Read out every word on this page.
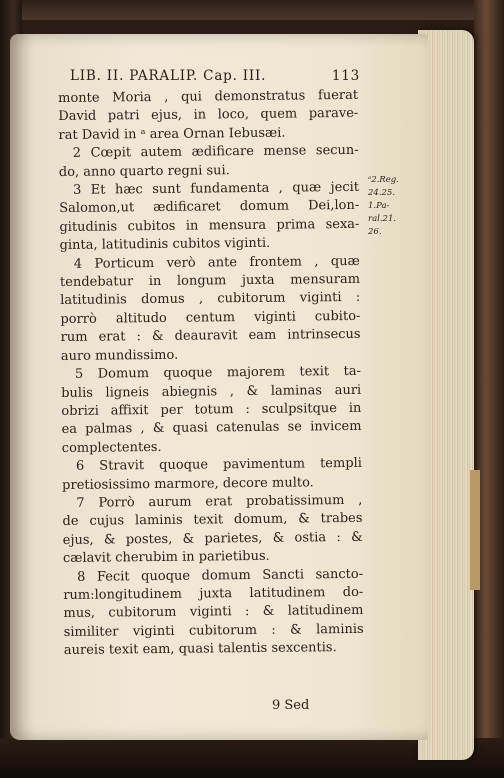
LIB. II. PARALIP. Cap. III.	113
monte Moria , qui demonstratus fuerat
David patri ejus, in loco, quem parave-
rat David in ᵃ area Ornan Iebusæi.
2 Cœpit autem ædificare mense secun-
do, anno quarto regni sui.
3 Et hæc sunt fundamenta , quæ jecit
Salomon,ut ædificaret domum Dei,lon-
gitudinis cubitos in mensura prima sexa-
ginta, latitudinis cubitos viginti.
4 Porticum verò ante frontem , quæ
tendebatur in longum juxta mensuram
latitudinis domus , cubitorum viginti :
porrò altitudo centum viginti cubito-
rum erat : & deauravit eam intrinsecus
auro mundissimo.
5 Domum quoque majorem texit ta-
bulis ligneis abiegnis , & laminas auri
obrizi affixit per totum : sculpsitque in
ea palmas , & quasi catenulas se invicem
complectentes.
6 Stravit quoque pavimentum templi
pretiosissimo marmore, decore multo.
7 Porrò aurum erat probatissimum ,
de cujus laminis texit domum, & trabes
ejus, & postes, & parietes, & ostia : &
cælavit cherubim in parietibus.
8 Fecit quoque domum Sancti sancto-
rum:longitudinem juxta latitudinem do-
mus, cubitorum viginti : & latitudinem
similiter viginti cubitorum : & laminis
aureis texit eam, quasi talentis sexcentis.
ᵃ2.Reg.
24.25.
1.Pa-
ral.21.
26.
9 Sed
